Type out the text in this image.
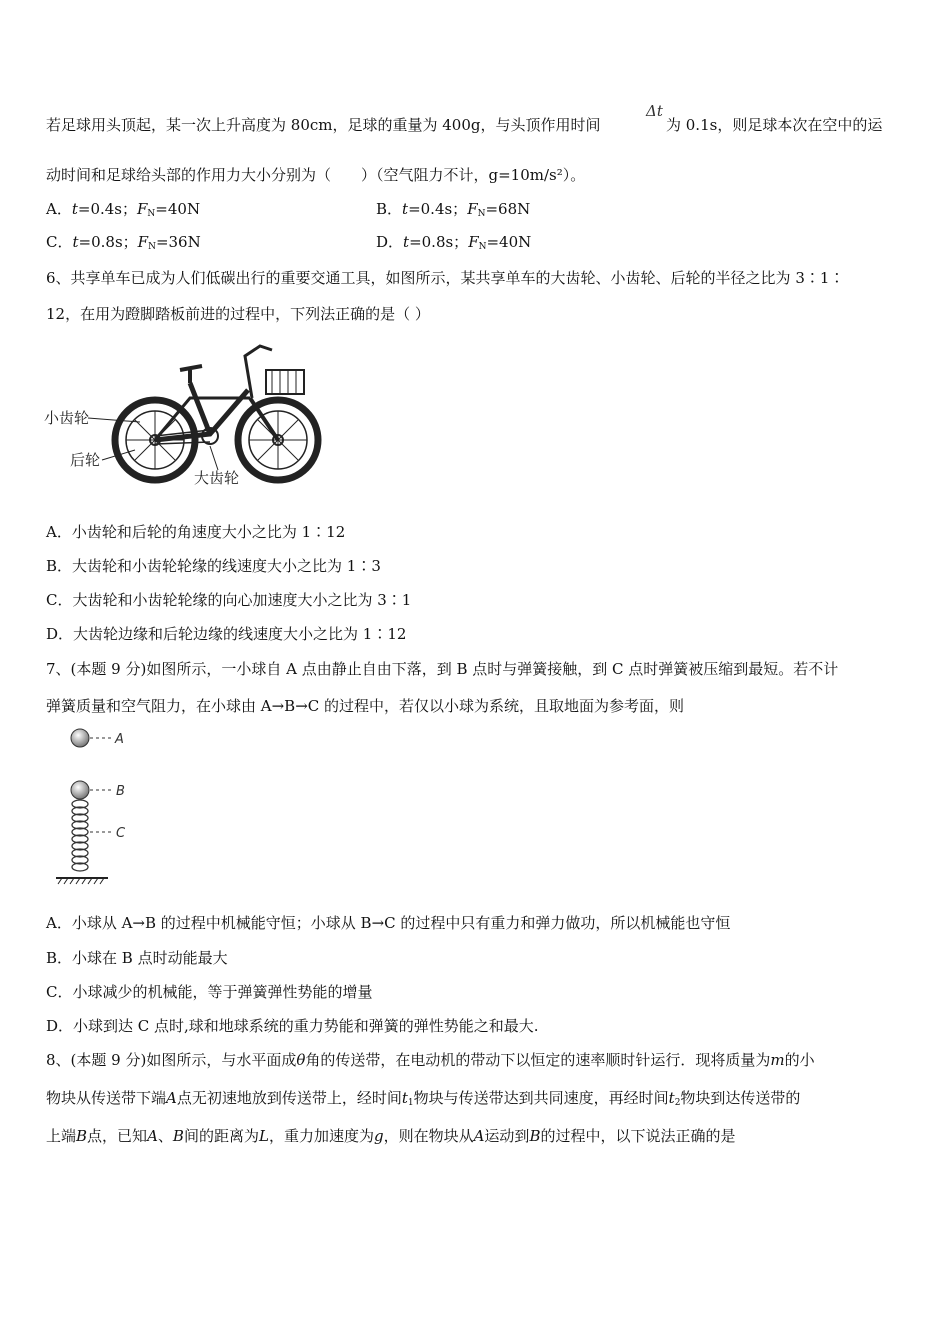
若足球用头顶起，某一次上升高度为 80cm，足球的重量为 400g，与头顶作用时间
Δt
为 0.1s，则足球本次在空中的运
动时间和足球给头部的作用力大小分别为（　　）（空气阻力不计，g=10m/s²）。
A．t=0.4s；$F_N=40N$	B．t=0.4s；$F_N=68N$
C．t=0.8s；$F_N=36N$	D．t=0.8s；$F_N=40N$
6、共享单车已成为人们低碳出行的重要交通工具，如图所示，某共享单车的大齿轮、小齿轮、后轮的半径之比为 3∶1∶
12，在用为蹬脚踏板前进的过程中，下列法正确的是（ ）
小齿轮
后轮
大齿轮
A．小齿轮和后轮的角速度大小之比为 1∶12
B．大齿轮和小齿轮轮缘的线速度大小之比为 1∶3
C．大齿轮和小齿轮轮缘的向心加速度大小之比为 3∶1
D．大齿轮边缘和后轮边缘的线速度大小之比为 1∶12
7、(本题 9 分)如图所示，一小球自 A 点由静止自由下落，到 B 点时与弹簧接触，到 C 点时弹簧被压缩到最短。若不计
弹簧质量和空气阻力，在小球由 A→B→C 的过程中，若仅以小球为系统，且取地面为参考面，则
A
B
C
A．小球从 A→B 的过程中机械能守恒；小球从 B→C 的过程中只有重力和弹力做功，所以机械能也守恒
B．小球在 B 点时动能最大
C．小球减少的机械能，等于弹簧弹性势能的增量
D．小球到达 C 点时,球和地球系统的重力势能和弹簧的弹性势能之和最大.
8、(本题 9 分)如图所示，与水平面成θ角的传送带，在电动机的带动下以恒定的速率顺时针运行．现将质量为m的小
物块从传送带下端A点无初速地放到传送带上，经时间$t_1$物块与传送带达到共同速度，再经时间$t_2$物块到达传送带的
上端B点，已知A、B间的距离为L，重力加速度为g，则在物块从A运动到B的过程中，以下说法正确的是
